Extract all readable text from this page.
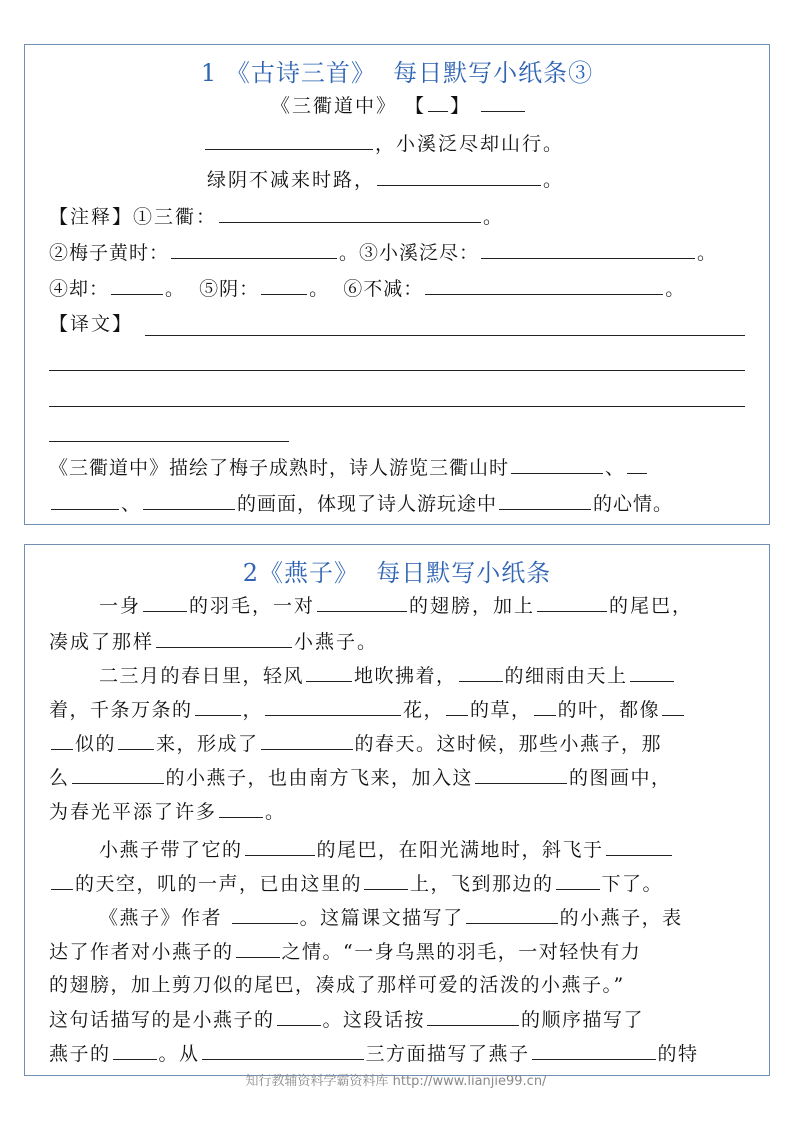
1 《古诗三首》  每日默写小纸条③
《三衢道中》 【 】
，小溪泛尽却山行。
绿阴不减来时路，	。
【注释】①三衢：	。
②梅子黄时：	。③小溪泛尽：	。
④却：	。  ⑤阴：	。  ⑥不减：	。
【译文】
《三衢道中》描绘了梅子成熟时，诗人游览三衢山时	、
、	的画面，体现了诗人游玩途中	的心情。
2《燕子》  每日默写小纸条
一身	的羽毛，一对	的翅膀，加上	的尾巴，
凑成了那样	小燕子。
二三月的春日里，轻风	地吹拂着，	的细雨由天上
着，千条万条的	，	花， 的草， 的叶，都像
似的 来，形成了	的春天。这时候，那些小燕子，那
么	的小燕子，也由南方飞来，加入这	的图画中，
为春光平添了许多	。
小燕子带了它的	的尾巴，在阳光满地时，斜飞于
的天空，叽的一声，已由这里的	上，飞到那边的	下了。
《燕子》作者	。这篇课文描写了	的小燕子，表
达了作者对小燕子的	之情。“一身乌黑的羽毛，一对轻快有力
的翅膀，加上剪刀似的尾巴，凑成了那样可爱的活泼的小燕子。”
这句话描写的是小燕子的	。这段话按	的顺序描写了
燕子的	。从	三方面描写了燕子	的特
知行教辅资料学霸资料库 http://www.lianjie99.cn/
